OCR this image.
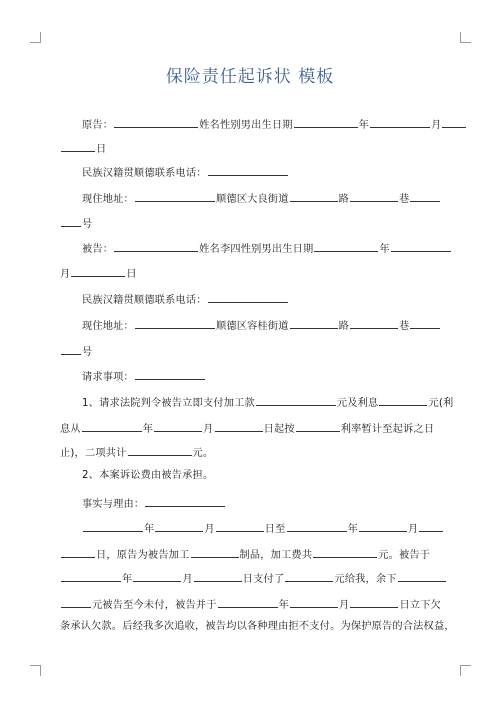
保险责任起诉状 模板
原告：	姓名性别男出生日期	年	月
日
民族汉籍贯顺德联系电话：
现住地址：	顺德区大良街道	路	巷
号
被告：	姓名李四性别男出生日期	年
月	日
民族汉籍贯顺德联系电话：
现住地址：	顺德区容桂街道	路	巷
号
请求事项：
1、请求法院判令被告立即支付加工款	元及利息	元(利
息从	年	月	日起按	利率暂计至起诉之日
止)，二项共计	元。
2、本案诉讼费由被告承担。
事实与理由：
年	月	日至	年	月
日，原告为被告加工	制品，加工费共	元。被告于
年	月	日支付了	元给我，余下
元被告至今未付，被告并于	年	月	日立下欠
条承认欠款。后经我多次追收，被告均以各种理由拒不支付。为保护原告的合法权益，
